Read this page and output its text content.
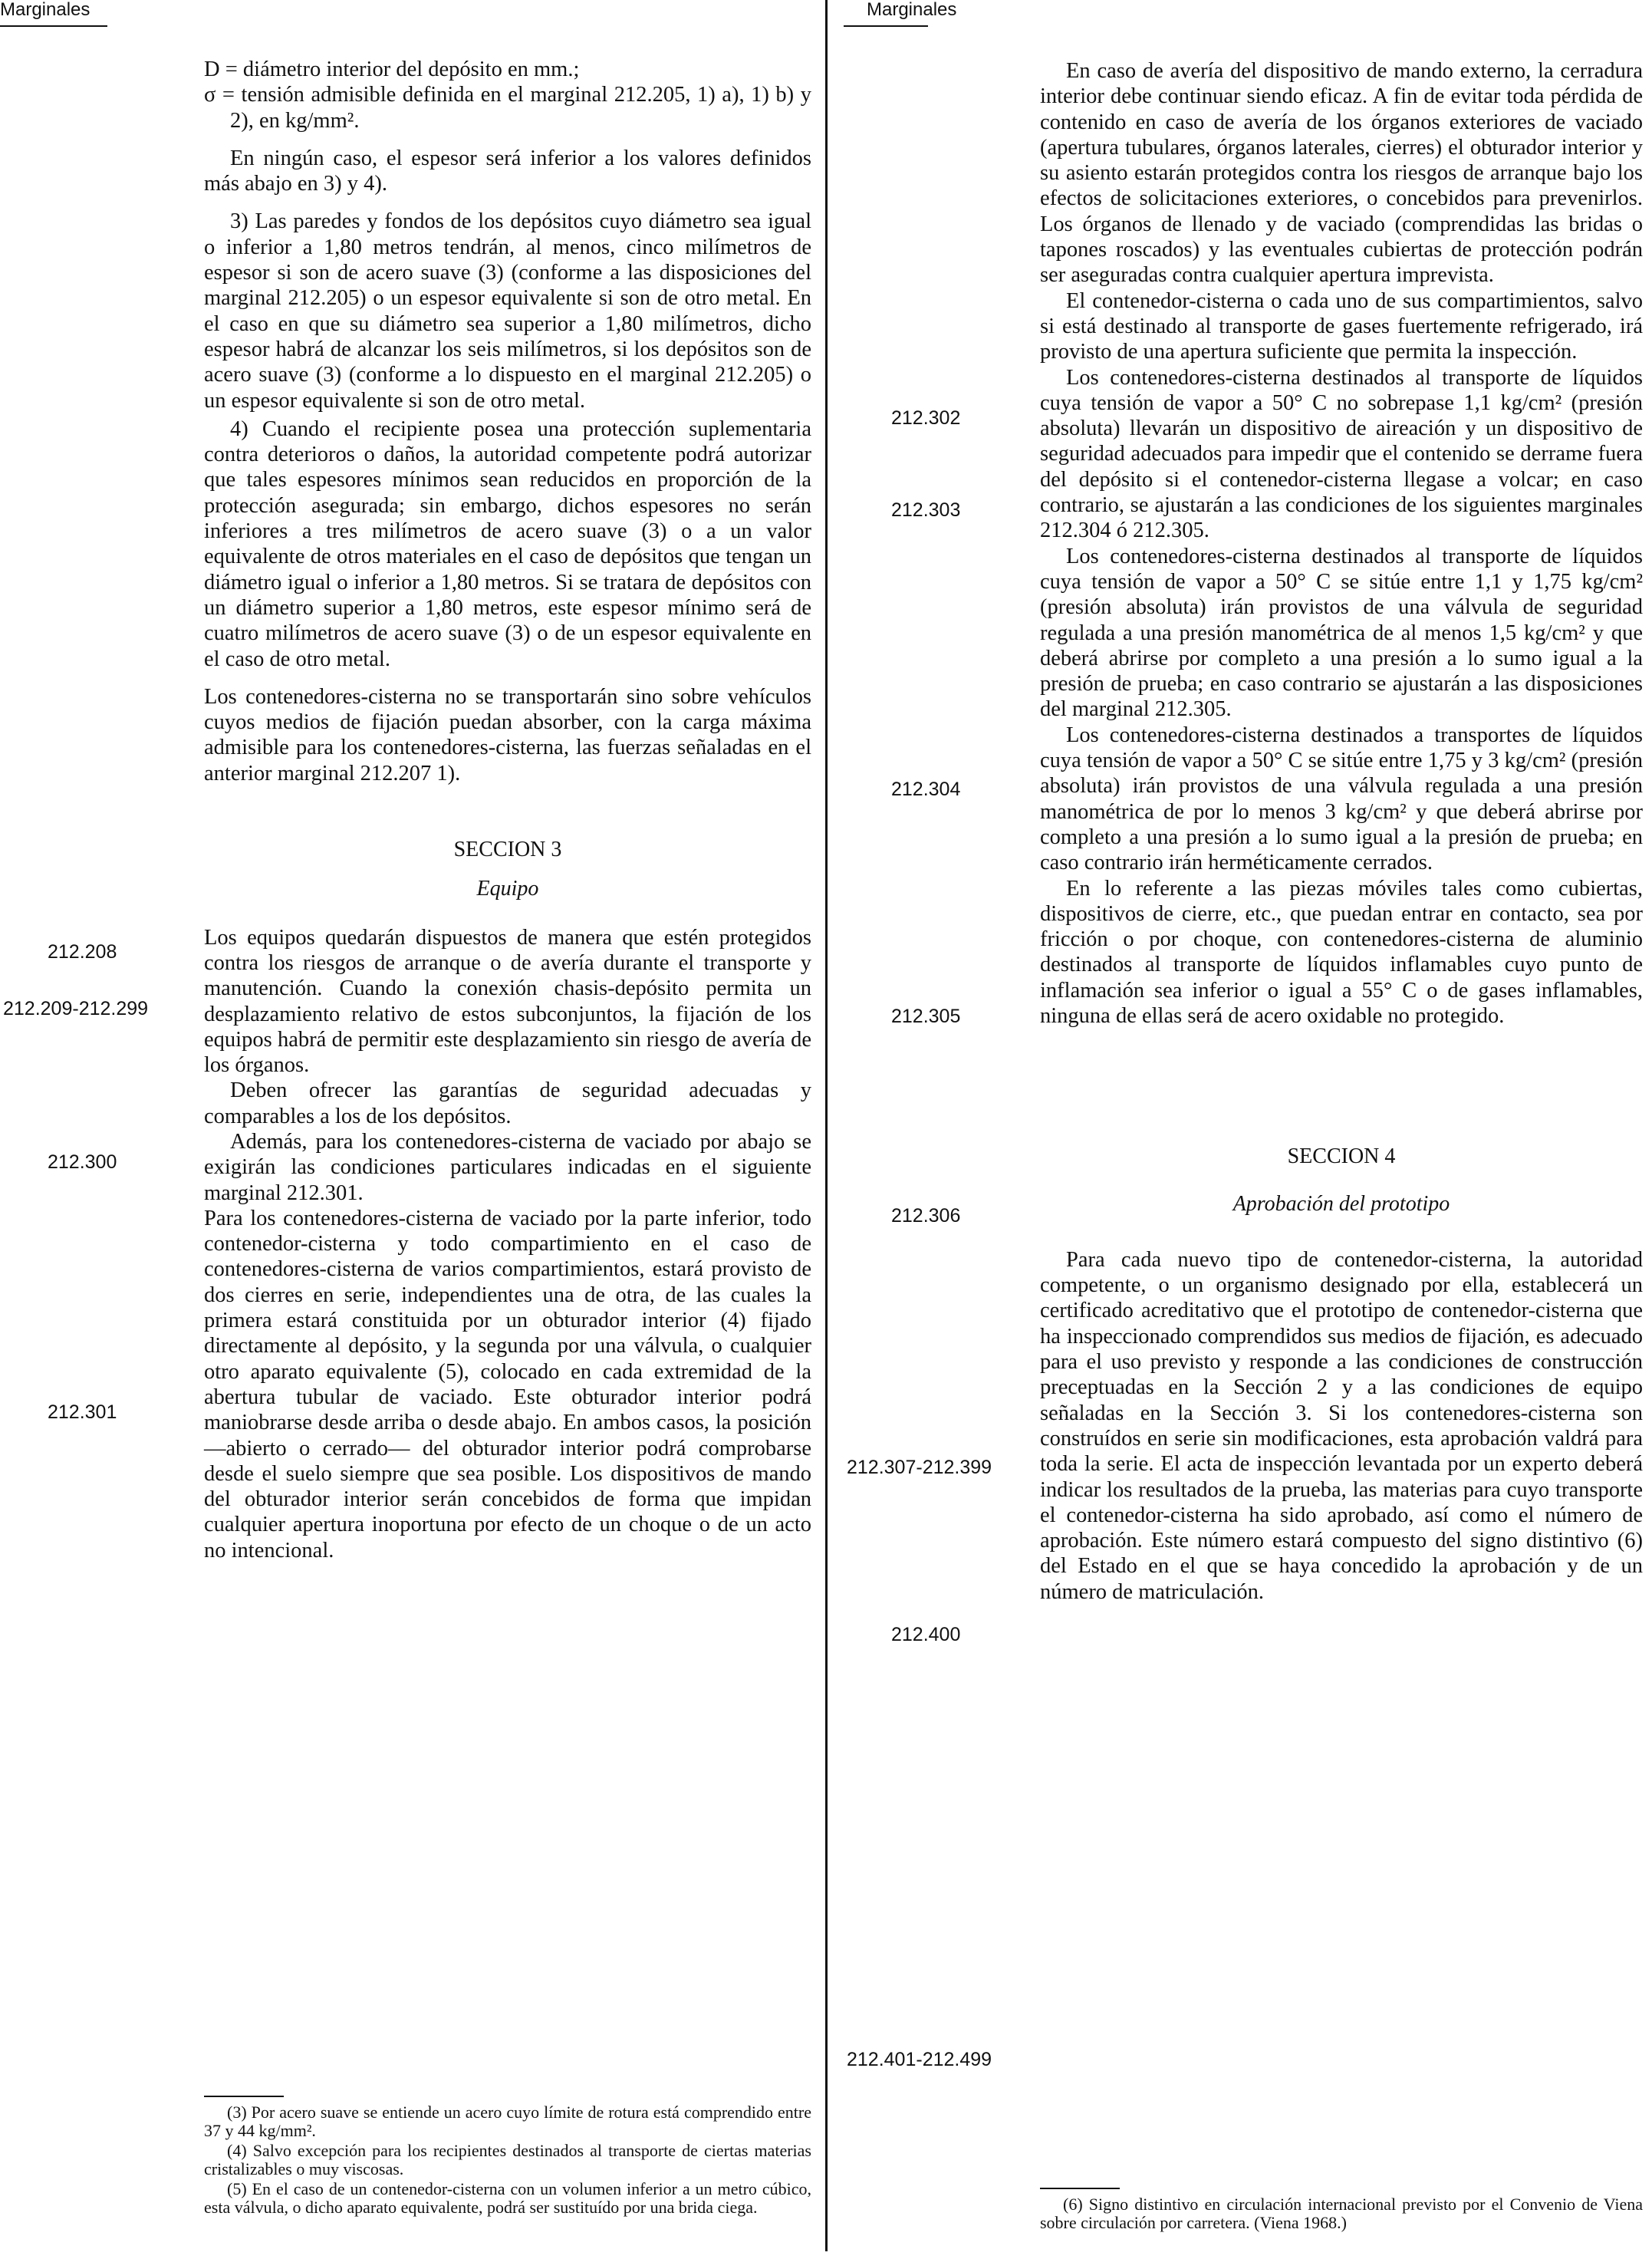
Marginales	Marginales
212.208
212.209-212.299
212.300
212.301

D = diámetro interior del depósito en mm.;

σ = tensión admisible definida en el marginal 212.205, 1) a), 1) b) y 2), en kg/mm².

En ningún caso, el espesor será inferior a los valores definidos más abajo en 3) y 4).

3) Las paredes y fondos de los depósitos cuyo diámetro sea igual o inferior a 1,80 metros tendrán, al menos, cinco milímetros de espesor si son de acero suave (3) (conforme a las disposiciones del marginal 212.205) o un espesor equivalente si son de otro metal. En el caso en que su diámetro sea superior a 1,80 milímetros, dicho espesor habrá de alcanzar los seis milímetros, si los depósitos son de acero suave (3) (conforme a lo dispuesto en el marginal 212.205) o un espesor equivalente si son de otro metal.

4) Cuando el recipiente posea una protección suplementaria contra deterioros o daños, la autoridad competente podrá autorizar que tales espesores mínimos sean reducidos en proporción de la protección asegurada; sin embargo, dichos espesores no serán inferiores a tres milímetros de acero suave (3) o a un valor equivalente de otros materiales en el caso de depósitos que tengan un diámetro igual o inferior a 1,80 metros. Si se tratara de depósitos con un diámetro superior a 1,80 metros, este espesor mínimo será de cuatro milímetros de acero suave (3) o de un espesor equivalente en el caso de otro metal.

Los contenedores-cisterna no se transportarán sino sobre vehículos cuyos medios de fijación puedan absorber, con la carga máxima admisible para los contenedores-cisterna, las fuerzas señaladas en el anterior marginal 212.207 1).

SECCION 3
Equipo

Los equipos quedarán dispuestos de manera que estén protegidos contra los riesgos de arranque o de avería durante el transporte y manutención. Cuando la conexión chasis-depósito permita un desplazamiento relativo de estos subconjuntos, la fijación de los equipos habrá de permitir este desplazamiento sin riesgo de avería de los órganos.

Deben ofrecer las garantías de seguridad adecuadas y comparables a los de los depósitos.

Además, para los contenedores-cisterna de vaciado por abajo se exigirán las condiciones particulares indicadas en el siguiente marginal 212.301.

Para los contenedores-cisterna de vaciado por la parte inferior, todo contenedor-cisterna y todo compartimiento en el caso de contenedores-cisterna de varios compartimientos, estará provisto de dos cierres en serie, independientes una de otra, de las cuales la primera estará constituida por un obturador interior (4) fijado directamente al depósito, y la segunda por una válvula, o cualquier otro aparato equivalente (5), colocado en cada extremidad de la abertura tubular de vaciado. Este obturador interior podrá maniobrarse desde arriba o desde abajo. En ambos casos, la posición —abierto o cerrado— del obturador interior podrá comprobarse desde el suelo siempre que sea posible. Los dispositivos de mando del obturador interior serán concebidos de forma que impidan cualquier apertura inoportuna por efecto de un choque o de un acto no intencional.

(3) Por acero suave se entiende un acero cuyo límite de rotura está comprendido entre 37 y 44 kg/mm².

(4) Salvo excepción para los recipientes destinados al transporte de ciertas materias cristalizables o muy viscosas.

(5) En el caso de un contenedor-cisterna con un volumen inferior a un metro cúbico, esta válvula, o dicho aparato equivalente, podrá ser sustituído por una brida ciega.

212.302
212.303
212.304
212.305
212.306
212.307-212.399
212.400
212.401-212.499

En caso de avería del dispositivo de mando externo, la cerradura interior debe continuar siendo eficaz. A fin de evitar toda pérdida de contenido en caso de avería de los órganos exteriores de vaciado (apertura tubulares, órganos laterales, cierres) el obturador interior y su asiento estarán protegidos contra los riesgos de arranque bajo los efectos de solicitaciones exteriores, o concebidos para prevenirlos. Los órganos de llenado y de vaciado (comprendidas las bridas o tapones roscados) y las eventuales cubiertas de protección podrán ser aseguradas contra cualquier apertura imprevista.

El contenedor-cisterna o cada uno de sus compartimientos, salvo si está destinado al transporte de gases fuertemente refrigerado, irá provisto de una apertura suficiente que permita la inspección.

Los contenedores-cisterna destinados al transporte de líquidos cuya tensión de vapor a 50° C no sobrepase 1,1 kg/cm² (presión absoluta) llevarán un dispositivo de aireación y un dispositivo de seguridad adecuados para impedir que el contenido se derrame fuera del depósito si el contenedor-cisterna llegase a volcar; en caso contrario, se ajustarán a las condiciones de los siguientes marginales 212.304 ó 212.305.

Los contenedores-cisterna destinados al transporte de líquidos cuya tensión de vapor a 50° C se sitúe entre 1,1 y 1,75 kg/cm² (presión absoluta) irán provistos de una válvula de seguridad regulada a una presión manométrica de al menos 1,5 kg/cm² y que deberá abrirse por completo a una presión a lo sumo igual a la presión de prueba; en caso contrario se ajustarán a las disposiciones del marginal 212.305.

Los contenedores-cisterna destinados a transportes de líquidos cuya tensión de vapor a 50° C se sitúe entre 1,75 y 3 kg/cm² (presión absoluta) irán provistos de una válvula regulada a una presión manométrica de por lo menos 3 kg/cm² y que deberá abrirse por completo a una presión a lo sumo igual a la presión de prueba; en caso contrario irán herméticamente cerrados.

En lo referente a las piezas móviles tales como cubiertas, dispositivos de cierre, etc., que puedan entrar en contacto, sea por fricción o por choque, con contenedores-cisterna de aluminio destinados al transporte de líquidos inflamables cuyo punto de inflamación sea inferior o igual a 55° C o de gases inflamables, ninguna de ellas será de acero oxidable no protegido.

SECCION 4
Aprobación del prototipo

Para cada nuevo tipo de contenedor-cisterna, la autoridad competente, o un organismo designado por ella, establecerá un certificado acreditativo que el prototipo de contenedor-cisterna que ha inspeccionado comprendidos sus medios de fijación, es adecuado para el uso previsto y responde a las condiciones de construcción preceptuadas en la Sección 2 y a las condiciones de equipo señaladas en la Sección 3. Si los contenedores-cisterna son construídos en serie sin modificaciones, esta aprobación valdrá para toda la serie. El acta de inspección levantada por un experto deberá indicar los resultados de la prueba, las materias para cuyo transporte el contenedor-cisterna ha sido aprobado, así como el número de aprobación. Este número estará compuesto del signo distintivo (6) del Estado en el que se haya concedido la aprobación y de un número de matriculación.

(6) Signo distintivo en circulación internacional previsto por el Convenio de Viena sobre circulación por carretera. (Viena 1968.)
